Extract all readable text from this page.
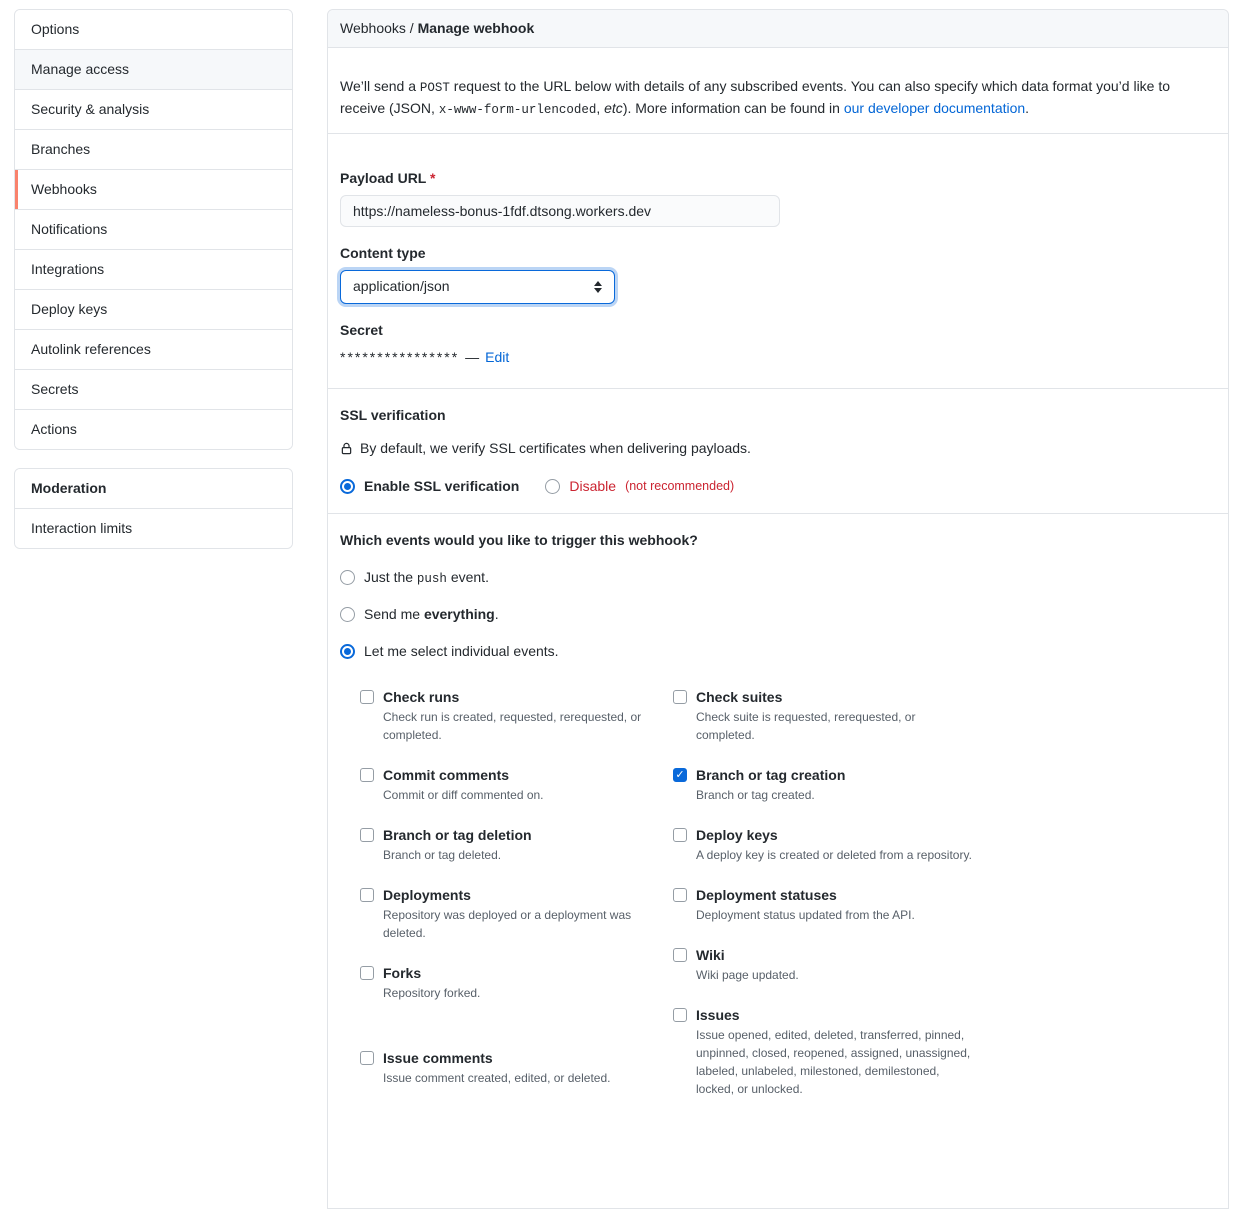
Options
Manage access
Security & analysis
Branches
Webhooks
Notifications
Integrations
Deploy keys
Autolink references
Secrets
Actions
Moderation
Interaction limits
Webhooks / Manage webhook

We’ll send a POST request to the URL below with details of any subscribed events. You can also specify which data format you’d like to receive (JSON, x-www-form-urlencoded, etc). More information can be found in our developer documentation.

Payload URL *
https://nameless-bonus-1fdf.dtsong.workers.dev
Content type
application/json
Secret
**************** — Edit
SSL verification
By default, we verify SSL certificates when delivering payloads.
Enable SSL verification	Disable (not recommended)
Which events would you like to trigger this webhook?
Just the push event.
Send me everything.
Let me select individual events.
Check runs
Check run is created, requested, rerequested, or completed.
Commit comments
Commit or diff commented on.
Branch or tag deletion
Branch or tag deleted.
Deployments
Repository was deployed or a deployment was deleted.
Forks
Repository forked.
Issue comments
Issue comment created, edited, or deleted.
Check suites
Check suite is requested, rerequested, or completed.
✓
Branch or tag creation
Branch or tag created.
Deploy keys
A deploy key is created or deleted from a repository.
Deployment statuses
Deployment status updated from the API.
Wiki
Wiki page updated.
Issues
Issue opened, edited, deleted, transferred, pinned, unpinned, closed, reopened, assigned, unassigned, labeled, unlabeled, milestoned, demilestoned, locked, or unlocked.
